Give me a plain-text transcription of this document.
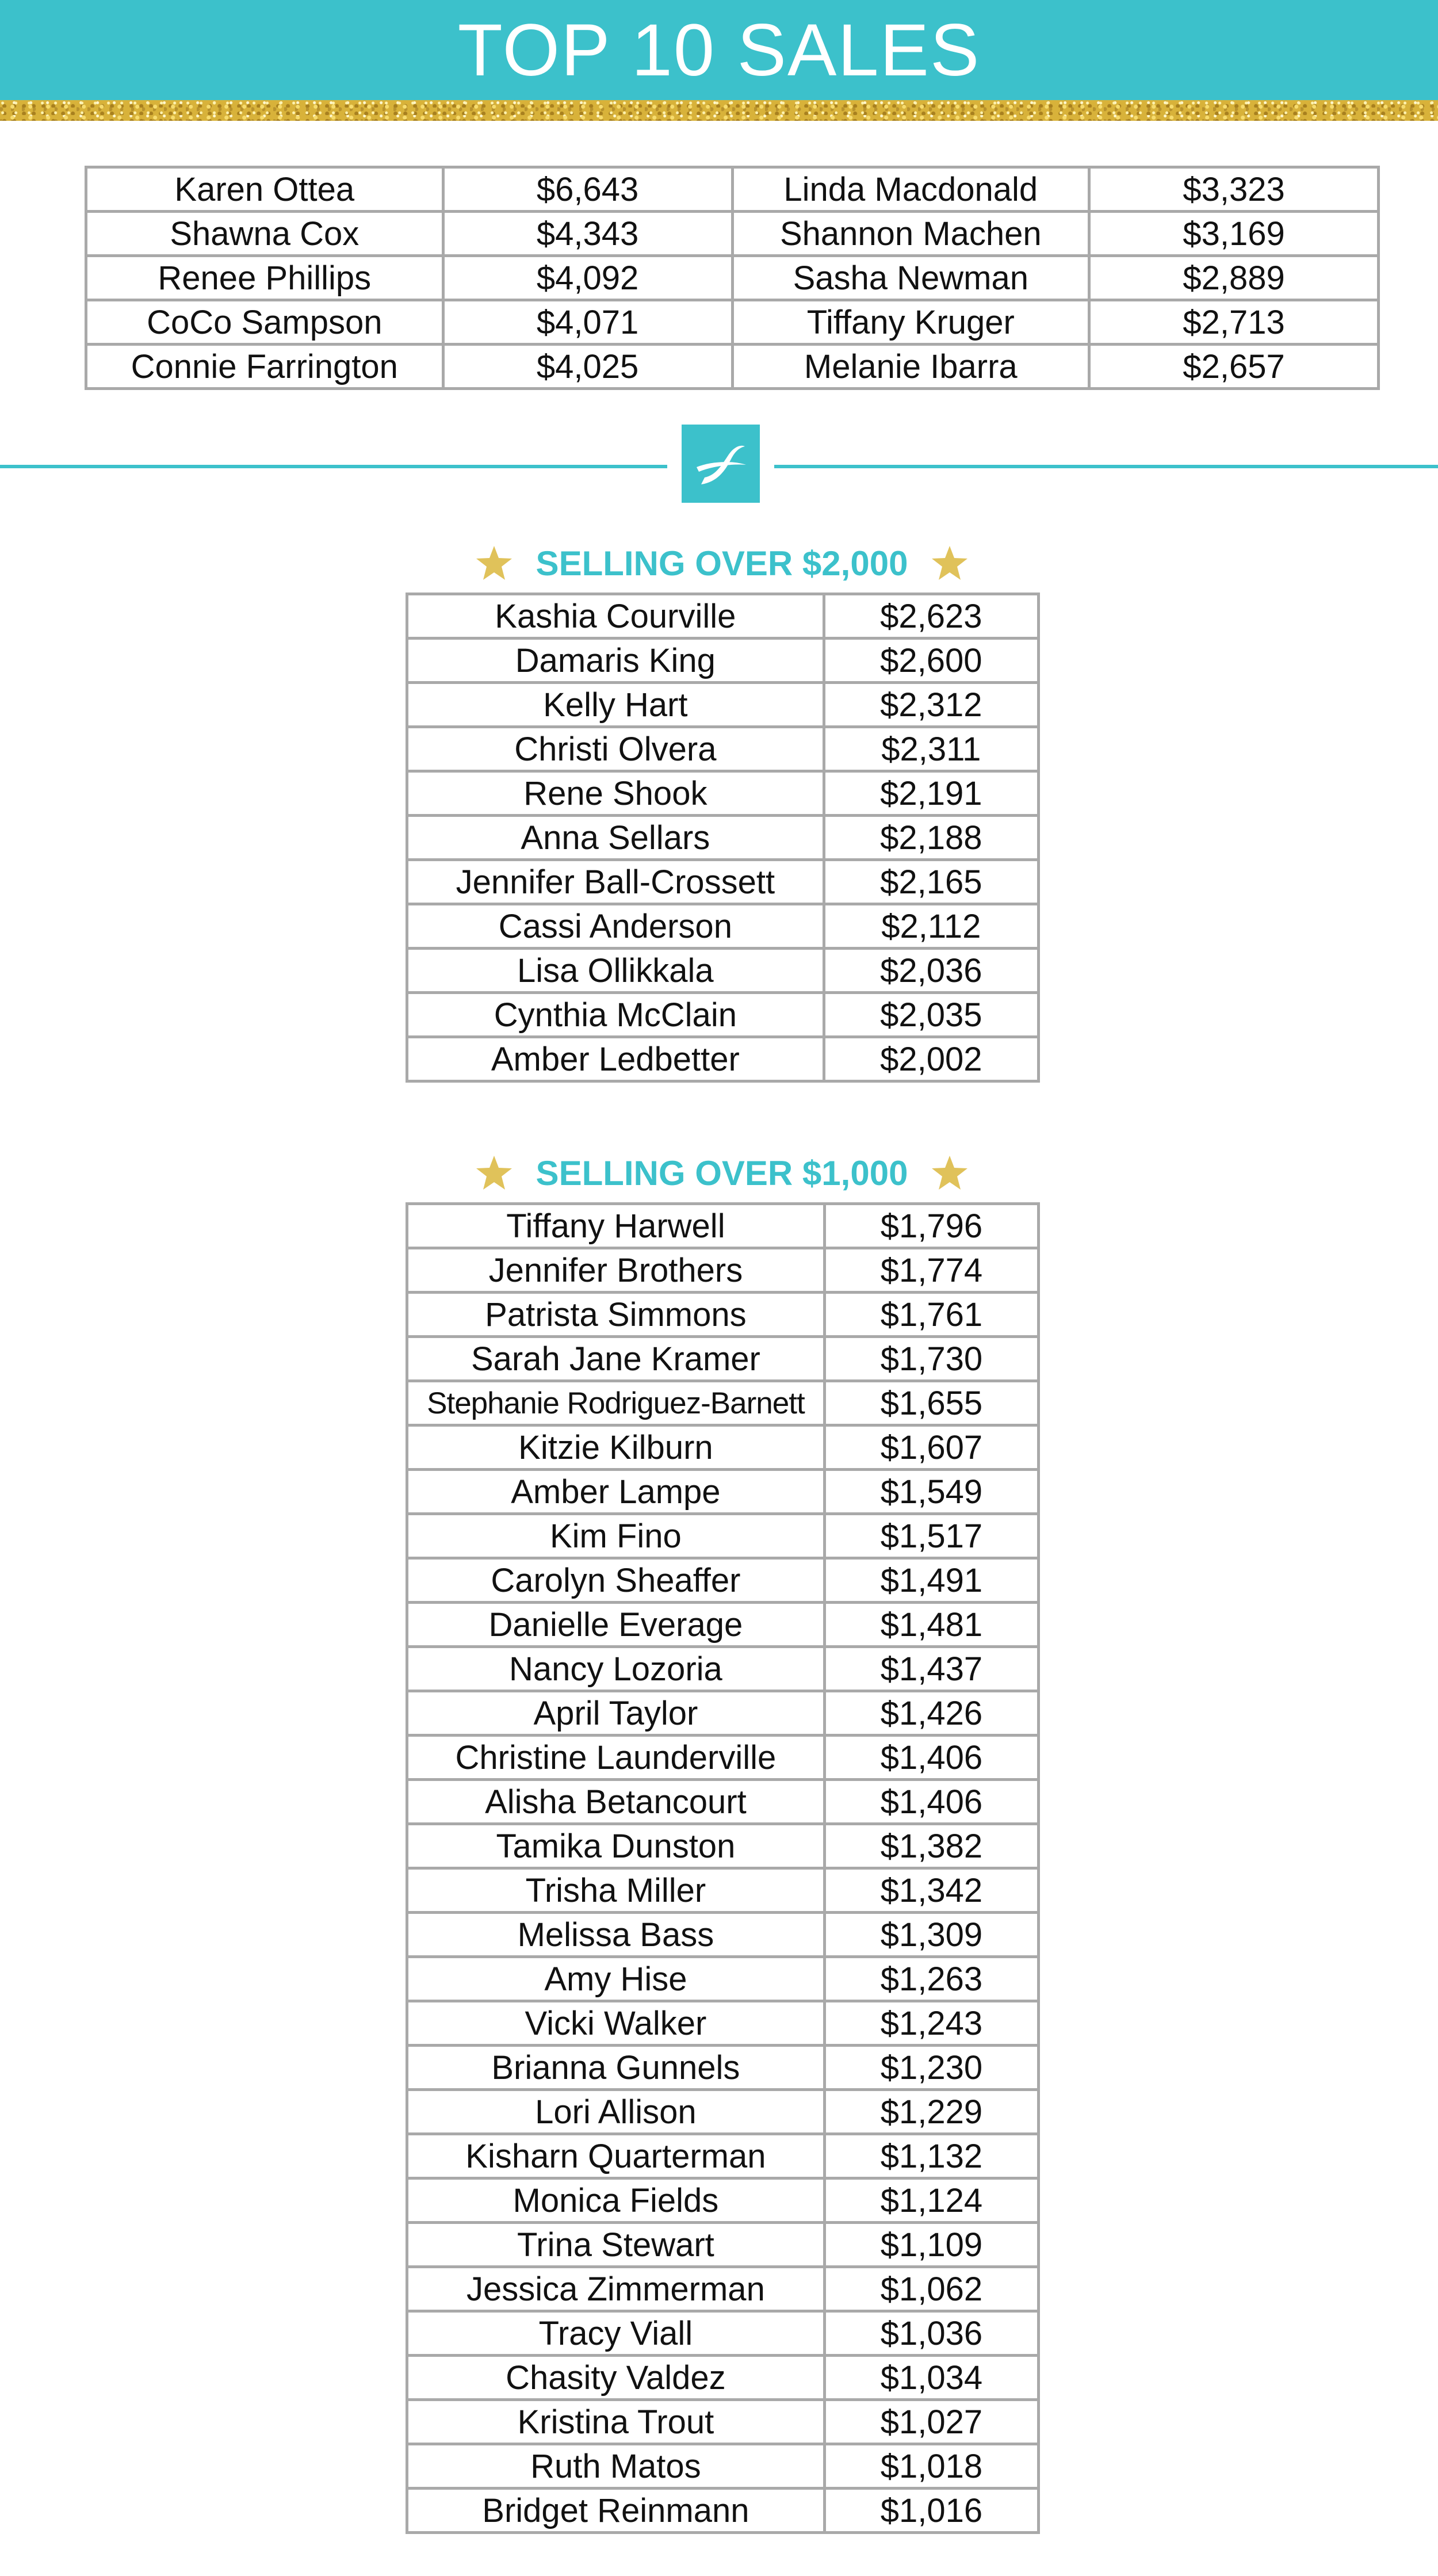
TOP 10 SALES
Karen Ottea	$6,643	Linda Macdonald	$3,323
Shawna Cox	$4,343	Shannon Machen	$3,169
Renee Phillips	$4,092	Sasha Newman	$2,889
CoCo Sampson	$4,071	Tiffany Kruger	$2,713
Connie Farrington	$4,025	Melanie Ibarra	$2,657
SELLING OVER $2,000
Kashia Courville	$2,623
Damaris King	$2,600
Kelly Hart	$2,312
Christi Olvera	$2,311
Rene Shook	$2,191
Anna Sellars	$2,188
Jennifer Ball-Crossett	$2,165
Cassi Anderson	$2,112
Lisa Ollikkala	$2,036
Cynthia McClain	$2,035
Amber Ledbetter	$2,002
SELLING OVER $1,000
Tiffany Harwell	$1,796
Jennifer Brothers	$1,774
Patrista Simmons	$1,761
Sarah Jane Kramer	$1,730
Stephanie Rodriguez-Barnett	$1,655
Kitzie Kilburn	$1,607
Amber Lampe	$1,549
Kim Fino	$1,517
Carolyn Sheaffer	$1,491
Danielle Everage	$1,481
Nancy Lozoria	$1,437
April Taylor	$1,426
Christine Launderville	$1,406
Alisha Betancourt	$1,406
Tamika Dunston	$1,382
Trisha Miller	$1,342
Melissa Bass	$1,309
Amy Hise	$1,263
Vicki Walker	$1,243
Brianna Gunnels	$1,230
Lori Allison	$1,229
Kisharn Quarterman	$1,132
Monica Fields	$1,124
Trina Stewart	$1,109
Jessica Zimmerman	$1,062
Tracy Viall	$1,036
Chasity Valdez	$1,034
Kristina Trout	$1,027
Ruth Matos	$1,018
Bridget Reinmann	$1,016
